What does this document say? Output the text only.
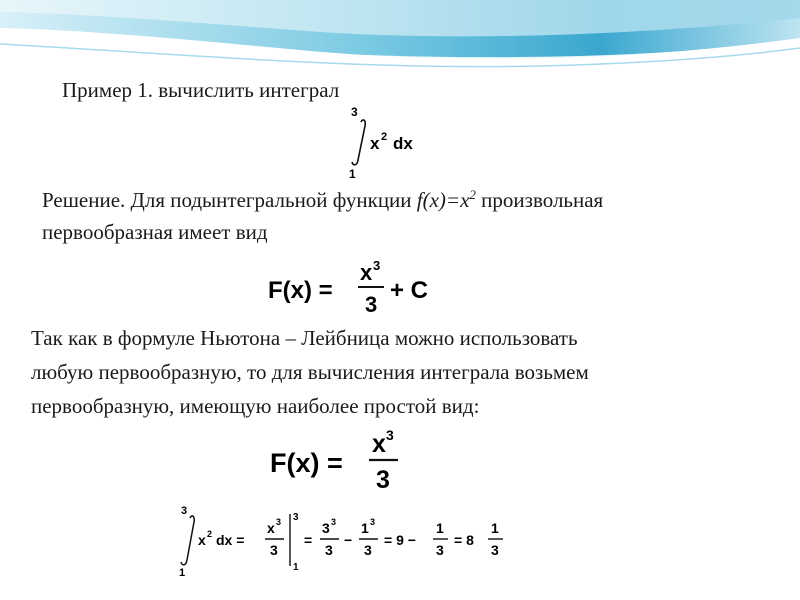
Пример 1. вычислить интеграл
3
1
x 2 dx
Решение. Для подынтегральной функции $f(x)=x^2$ произвольная
первообразная имеет вид
F(x) =
x 3
3
+ C
Так как в формуле Ньютона – Лейбница можно использовать
любую первообразную, то для вычисления интеграла возьмем
первообразную, имеющую наиболее простой вид:
F(x) =
x 3
3
3
1
x 2 dx =
x 3
3
3
1
=
3 3
3
−
1 3
3
= 9 −
1
3
= 8
1
3
